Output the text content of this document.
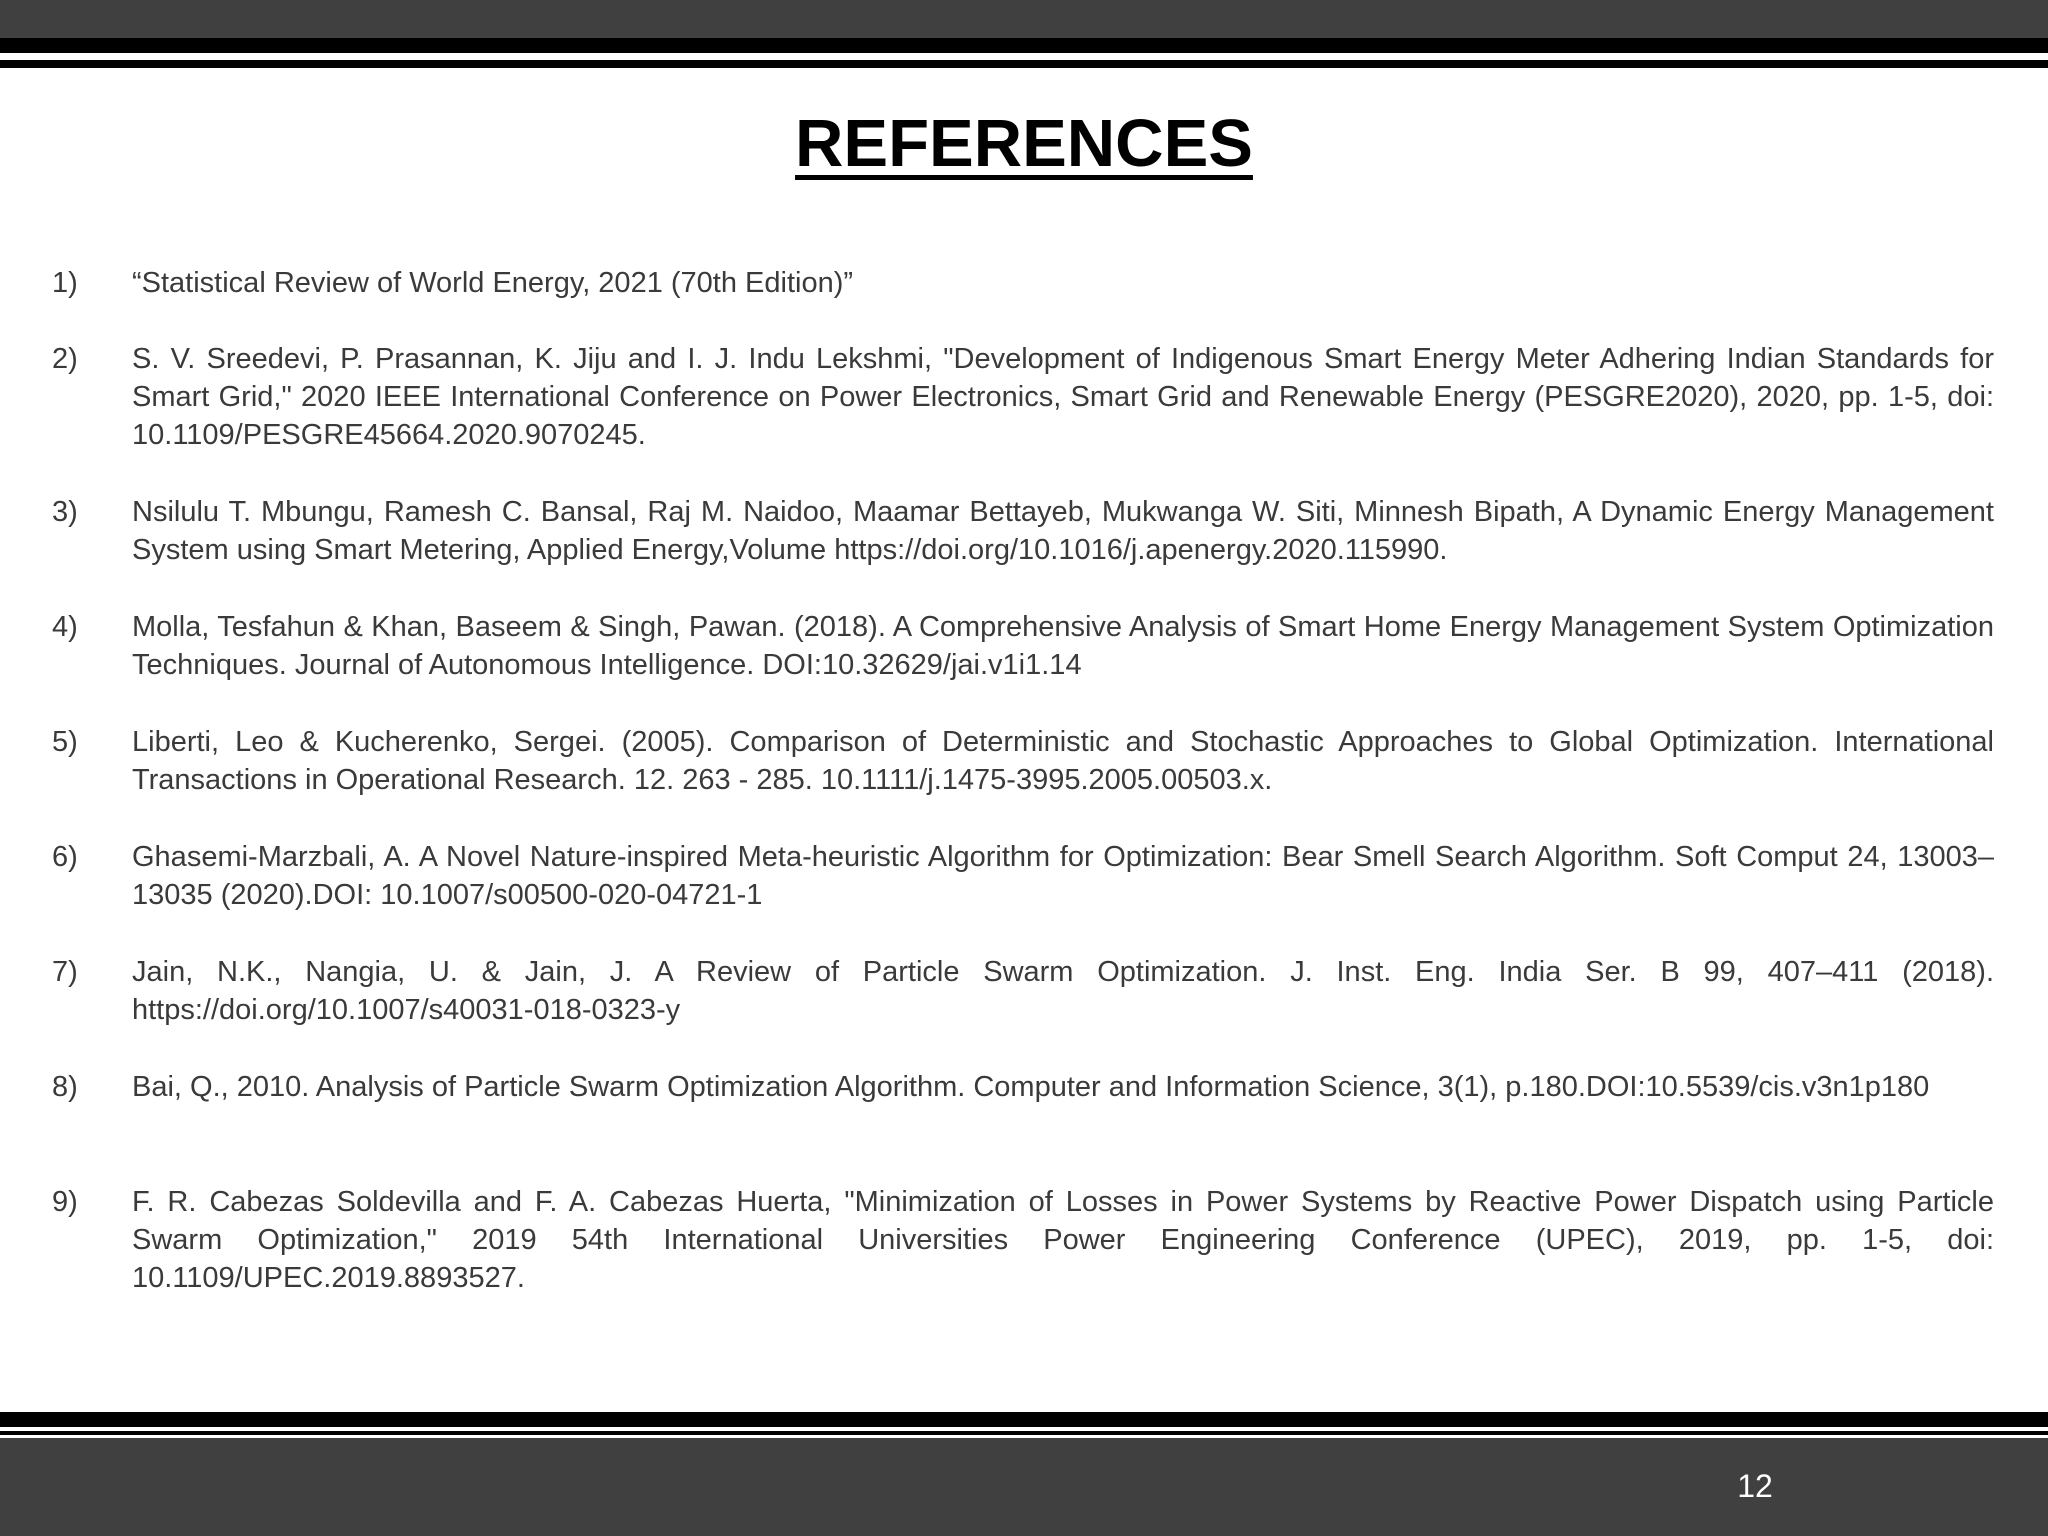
REFERENCES
1)	“Statistical Review of World Energy, 2021 (70th Edition)”
2)	S. V. Sreedevi, P. Prasannan, K. Jiju and I. J. Indu Lekshmi, "Development of Indigenous Smart Energy Meter Adhering Indian Standards for Smart Grid," 2020 IEEE International Conference on Power Electronics, Smart Grid and Renewable Energy (PESGRE2020), 2020, pp. 1-5, doi: 10.1109/PESGRE45664.2020.9070245.
3)	Nsilulu T. Mbungu, Ramesh C. Bansal, Raj M. Naidoo, Maamar Bettayeb, Mukwanga W. Siti, Minnesh Bipath, A Dynamic Energy Management System using Smart Metering, Applied Energy,Volume https://doi.org/10.1016/j.apenergy.2020.115990.
4)	Molla, Tesfahun & Khan, Baseem & Singh, Pawan. (2018). A Comprehensive Analysis of Smart Home Energy Management System Optimization Techniques. Journal of Autonomous Intelligence. DOI:10.32629/jai.v1i1.14
5)	Liberti, Leo & Kucherenko, Sergei. (2005). Comparison of Deterministic and Stochastic Approaches to Global Optimization. International Transactions in Operational Research. 12. 263 - 285. 10.1111/j.1475-3995.2005.00503.x.
6)	Ghasemi-Marzbali, A. A Novel Nature-inspired Meta-heuristic Algorithm for Optimization: Bear Smell Search Algorithm. Soft Comput 24, 13003–13035 (2020).DOI: 10.1007/s00500-020-04721-1
7)	Jain, N.K., Nangia, U. & Jain, J. A Review of Particle Swarm Optimization. J. Inst. Eng. India Ser. B 99, 407–411 (2018). https://doi.org/10.1007/s40031-018-0323-y
8)	Bai, Q., 2010. Analysis of Particle Swarm Optimization Algorithm. Computer and Information Science, 3(1), p.180.DOI:10.5539/cis.v3n1p180
9)	F. R. Cabezas Soldevilla and F. A. Cabezas Huerta, "Minimization of Losses in Power Systems by Reactive Power Dispatch using Particle Swarm Optimization," 2019 54th International Universities Power Engineering Conference (UPEC), 2019, pp. 1-5, doi: 10.1109/UPEC.2019.8893527.
12
